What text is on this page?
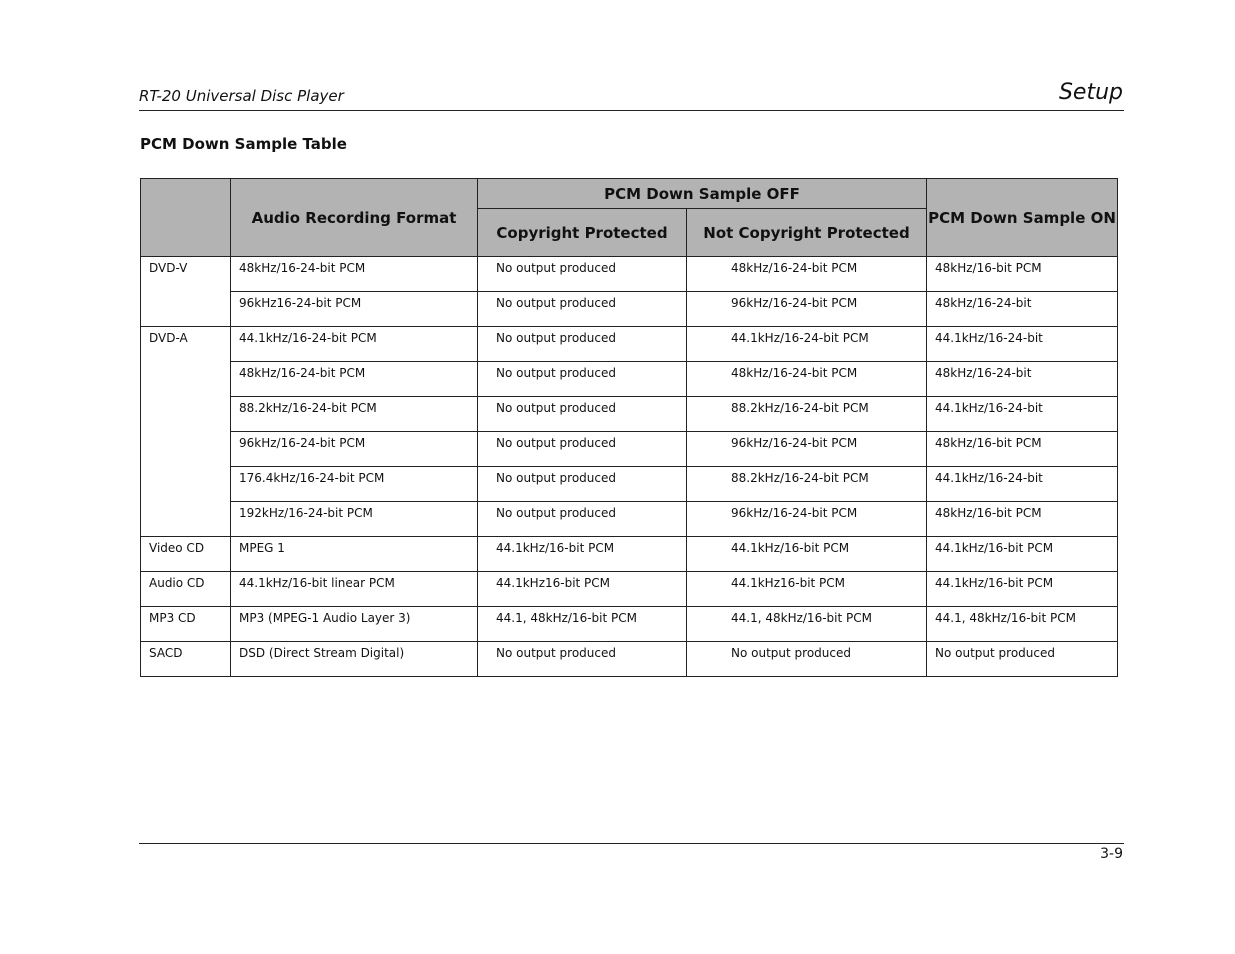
RT-20 Universal Disc Player	Setup
PCM Down Sample Table
	Audio Recording Format	PCM Down Sample OFF		PCM Down Sample ON
		Copyright Protected	Not Copyright Protected	
DVD-V	48kHz/16-24-bit PCM	No output produced	48kHz/16-24-bit PCM	48kHz/16-bit PCM
	96kHz16-24-bit PCM	No output produced	96kHz/16-24-bit PCM	48kHz/16-24-bit
DVD-A	44.1kHz/16-24-bit PCM	No output produced	44.1kHz/16-24-bit PCM	44.1kHz/16-24-bit
	48kHz/16-24-bit PCM	No output produced	48kHz/16-24-bit PCM	48kHz/16-24-bit
	88.2kHz/16-24-bit PCM	No output produced	88.2kHz/16-24-bit PCM	44.1kHz/16-24-bit
	96kHz/16-24-bit PCM	No output produced	96kHz/16-24-bit PCM	48kHz/16-bit PCM
	176.4kHz/16-24-bit PCM	No output produced	88.2kHz/16-24-bit PCM	44.1kHz/16-24-bit
	192kHz/16-24-bit PCM	No output produced	96kHz/16-24-bit PCM	48kHz/16-bit PCM
Video CD	MPEG 1	44.1kHz/16-bit PCM	44.1kHz/16-bit PCM	44.1kHz/16-bit PCM
Audio CD	44.1kHz/16-bit linear PCM	44.1kHz16-bit PCM	44.1kHz16-bit PCM	44.1kHz/16-bit PCM
MP3 CD	MP3 (MPEG-1 Audio Layer 3)	44.1, 48kHz/16-bit PCM	44.1, 48kHz/16-bit PCM	44.1, 48kHz/16-bit PCM
SACD	DSD (Direct Stream Digital)	No output produced	No output produced	No output produced
3-9
